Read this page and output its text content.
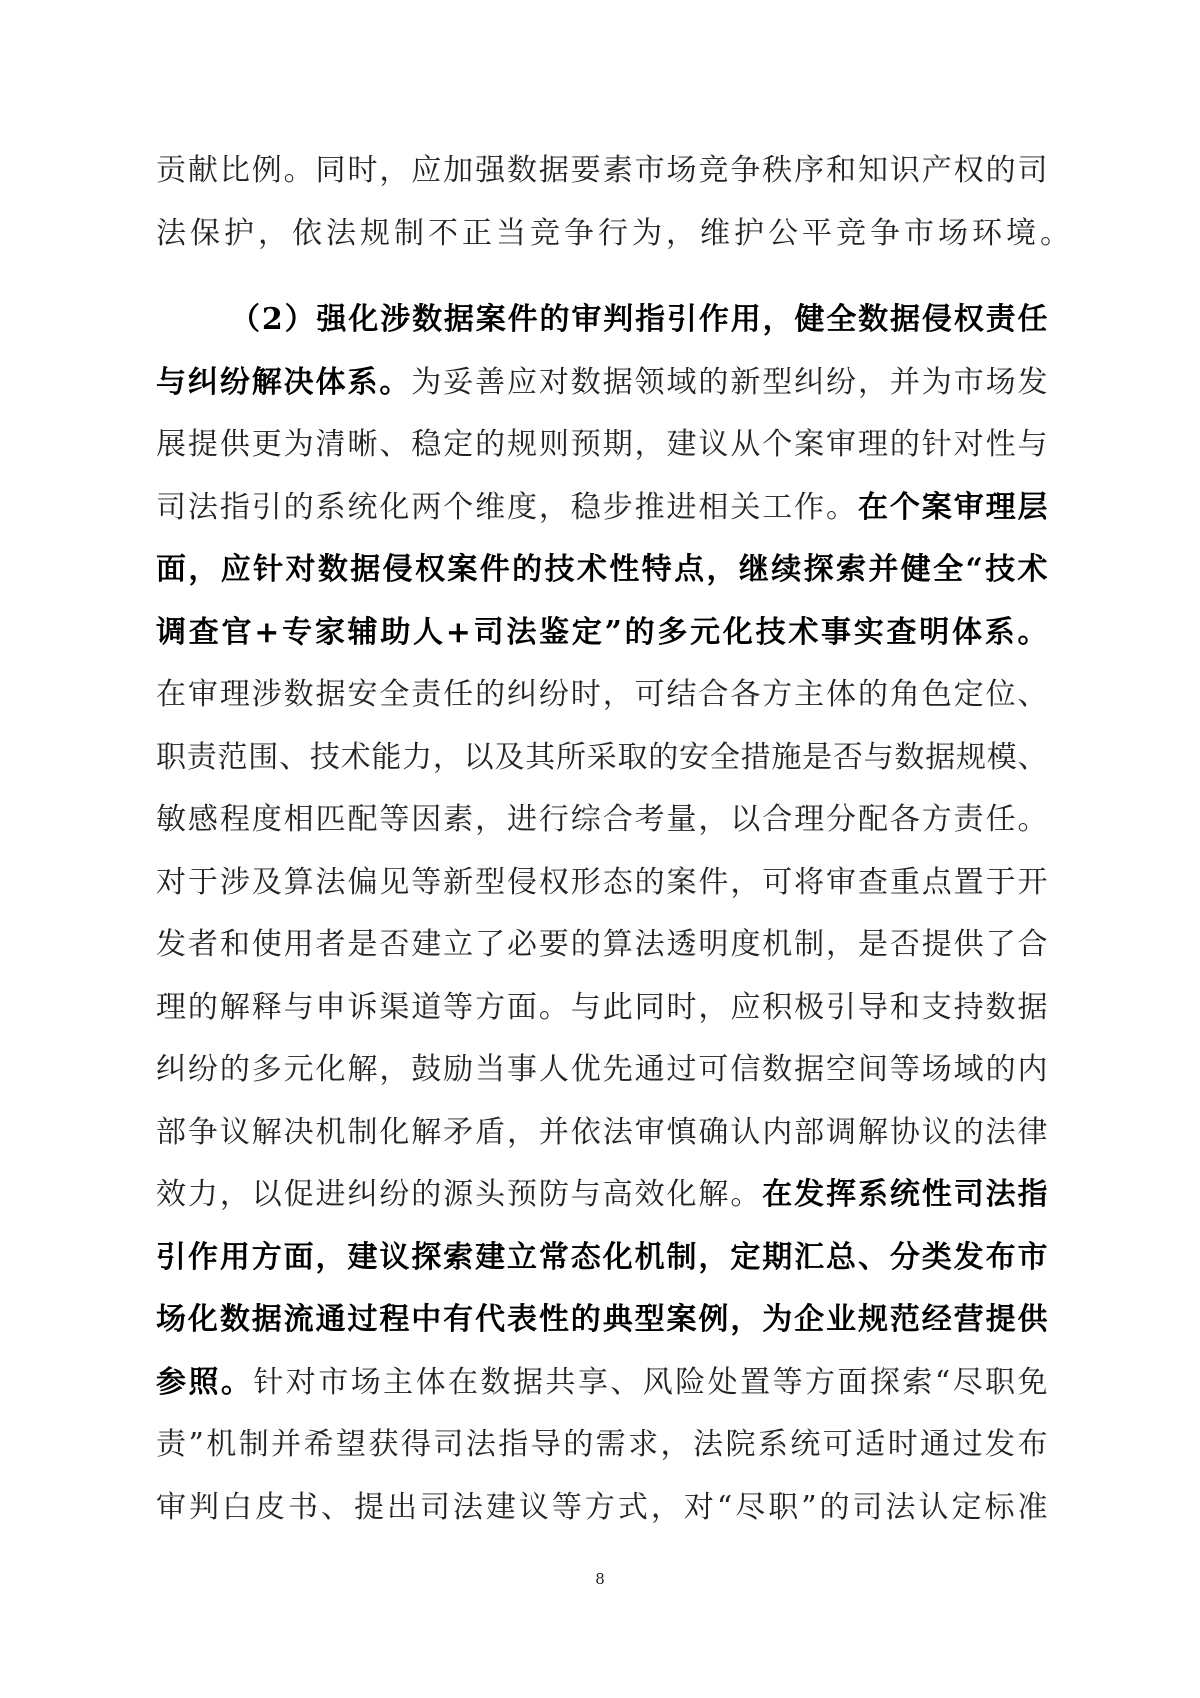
贡献比例。同时，应加强数据要素市场竞争秩序和知识产权的司
法保护，依法规制不正当竞争行为，维护公平竞争市场环境。
（2）强化涉数据案件的审判指引作用，健全数据侵权责任
与纠纷解决体系。为妥善应对数据领域的新型纠纷，并为市场发
展提供更为清晰、稳定的规则预期，建议从个案审理的针对性与
司法指引的系统化两个维度，稳步推进相关工作。在个案审理层
面，应针对数据侵权案件的技术性特点，继续探索并健全“技术
调查官+专家辅助人+司法鉴定”的多元化技术事实查明体系。
在审理涉数据安全责任的纠纷时，可结合各方主体的角色定位、
职责范围、技术能力，以及其所采取的安全措施是否与数据规模、
敏感程度相匹配等因素，进行综合考量，以合理分配各方责任。
对于涉及算法偏见等新型侵权形态的案件，可将审查重点置于开
发者和使用者是否建立了必要的算法透明度机制，是否提供了合
理的解释与申诉渠道等方面。与此同时，应积极引导和支持数据
纠纷的多元化解，鼓励当事人优先通过可信数据空间等场域的内
部争议解决机制化解矛盾，并依法审慎确认内部调解协议的法律
效力，以促进纠纷的源头预防与高效化解。在发挥系统性司法指
引作用方面，建议探索建立常态化机制，定期汇总、分类发布市
场化数据流通过程中有代表性的典型案例，为企业规范经营提供
参照。针对市场主体在数据共享、风险处置等方面探索“尽职免
责”机制并希望获得司法指导的需求，法院系统可适时通过发布
审判白皮书、提出司法建议等方式，对“尽职”的司法认定标准
8
